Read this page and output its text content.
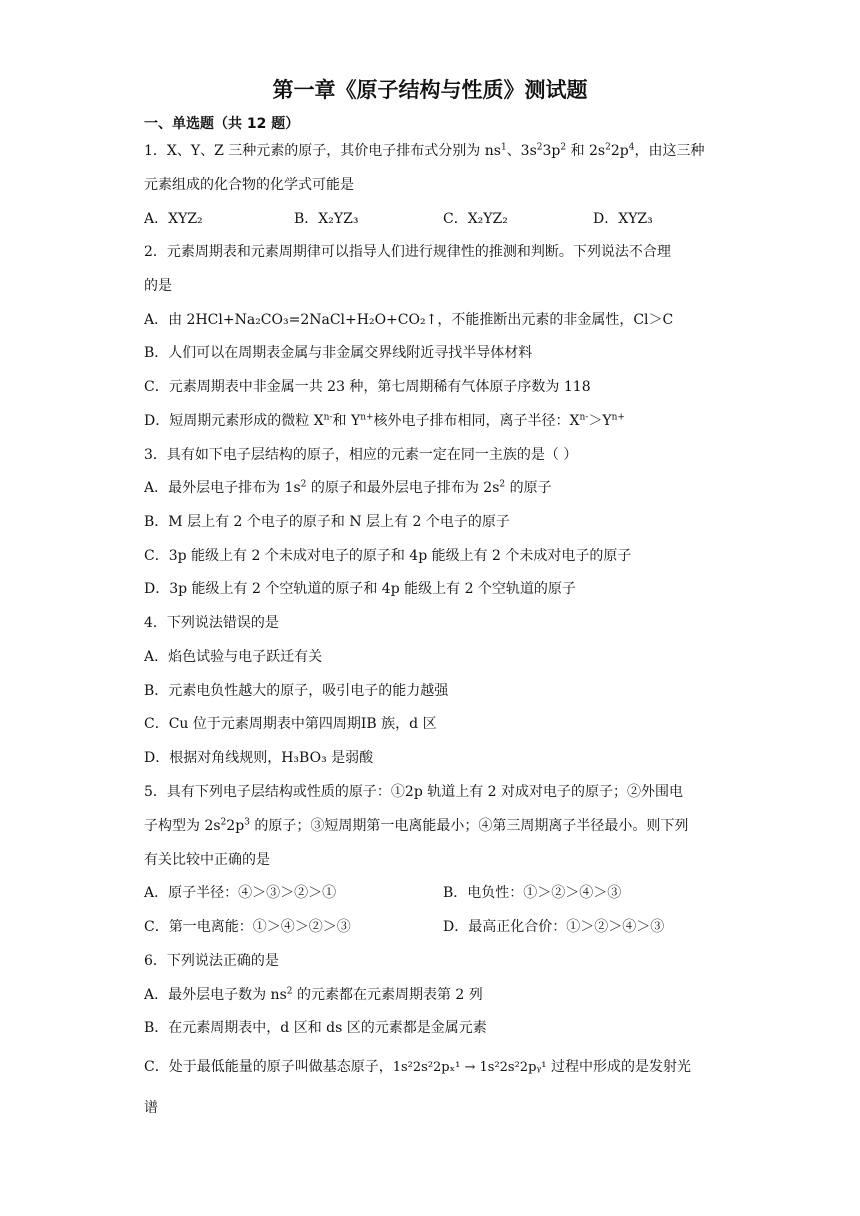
第一章《原子结构与性质》测试题
一、单选题（共 12 题）
1．X、Y、Z 三种元素的原子，其价电子排布式分别为 $ns^1$、$3s^23p^2$ 和 $2s^22p^4$，由这三种
元素组成的化合物的化学式可能是
A．XYZ₂	B．X₂YZ₃	C．X₂YZ₂	D．XYZ₃
2．元素周期表和元素周期律可以指导人们进行规律性的推测和判断。下列说法不合理
的是
A．由 2HCl+Na₂CO₃=2NaCl+H₂O+CO₂↑，不能推断出元素的非金属性，Cl＞C
B．人们可以在周期表金属与非金属交界线附近寻找半导体材料
C．元素周期表中非金属一共 23 种，第七周期稀有气体原子序数为 118
D．短周期元素形成的微粒 $X^{n-}$和 $Y^{n+}$核外电子排布相同，离子半径：$X^{n-}>Y^{n+}$
3．具有如下电子层结构的原子，相应的元素一定在同一主族的是（ ）
A．最外层电子排布为 $1s^2$ 的原子和最外层电子排布为 $2s^2$ 的原子
B．M 层上有 2 个电子的原子和 N 层上有 2 个电子的原子
C．3p 能级上有 2 个未成对电子的原子和 4p 能级上有 2 个未成对电子的原子
D．3p 能级上有 2 个空轨道的原子和 4p 能级上有 2 个空轨道的原子
4．下列说法错误的是
A．焰色试验与电子跃迁有关
B．元素电负性越大的原子，吸引电子的能力越强
C．Cu 位于元素周期表中第四周期ⅠB 族，d 区
D．根据对角线规则，H₃BO₃ 是弱酸
5．具有下列电子层结构或性质的原子：①2p 轨道上有 2 对成对电子的原子；②外围电
子构型为 $2s^22p^3$ 的原子；③短周期第一电离能最小；④第三周期离子半径最小。则下列
有关比较中正确的是
A．原子半径：④＞③＞②＞①	B．电负性：①＞②＞④＞③
C．第一电离能：①＞④＞②＞③	D．最高正化合价：①＞②＞④＞③
6．下列说法正确的是
A．最外层电子数为 $ns^2$ 的元素都在元素周期表第 2 列
B．在元素周期表中，d 区和 ds 区的元素都是金属元素
C．处于最低能量的原子叫做基态原子，1s²2s²2pₓ¹ → 1s²2s²2pᵧ¹ 过程中形成的是发射光
谱
